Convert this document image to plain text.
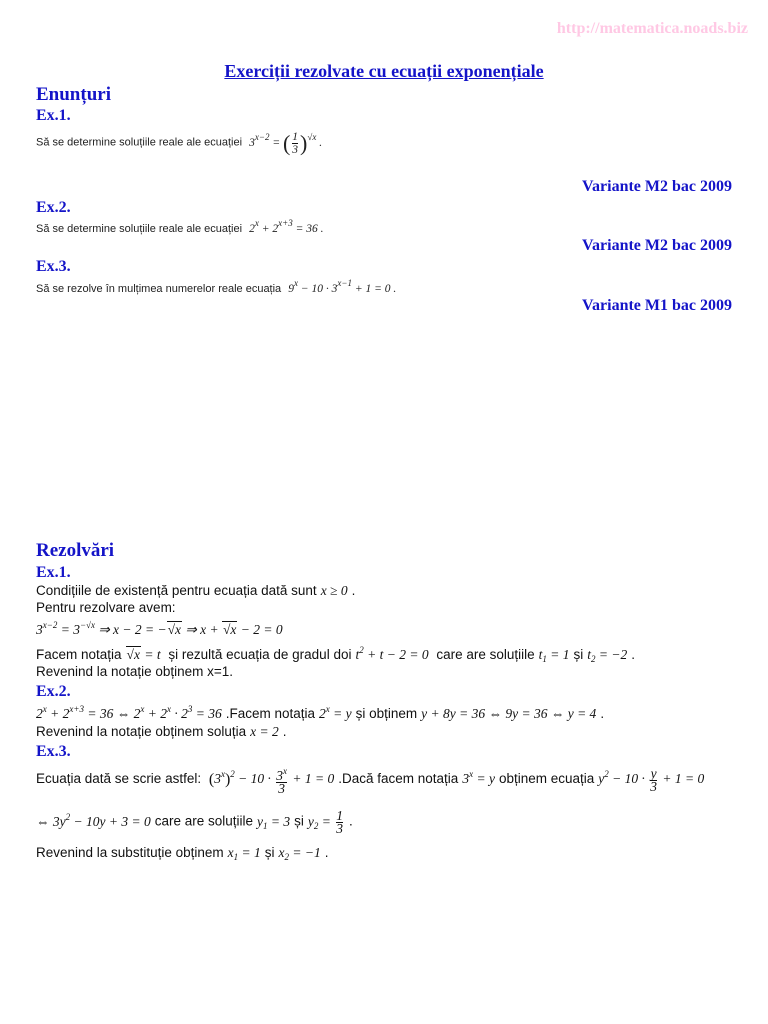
http://matematica.noads.biz
Exerciții rezolvate cu ecuații exponențiale
Enunțuri
Ex.1.
Să se determine soluțiile reale ale ecuației $3^{x-2}$ = ( $\frac{1}{3} )^{√x}$ .
Variante M2 bac 2009
Ex.2.
Să se determine soluțiile reale ale ecuației $2^x + 2^{x+3} = 36$ .
Variante M2 bac 2009
Ex.3.
Să se rezolve în mulțimea numerelor reale ecuația $9^x - 10 \cdot 3^{x-1} + 1 = 0$ .
Variante M1 bac 2009
Rezolvări
Ex.1.
Condițiile de existență pentru ecuația dată sunt x ≥ 0 .
Pentru rezolvare avem:
$3^{x-2} = 3^{-√x}$ ⇒ x − 2 = −√x ⇒ x + √x − 2 = 0
Facem notația √x = t și rezultă ecuația de gradul doi $t^2 + t - 2 = 0$ care are soluțiile $t_1 = 1$ și $t_2 = -2$ .
Revenind la notație obținem x=1.
Ex.2.
$2^x + 2^{x+3} = 36$ ⇔ $2^x + 2^x \cdot 2^3 = 36$ .Facem notația $2^x = y$ și obținem y + 8y = 36 ⇔ 9y = 36 ⇔ y = 4 .
Revenind la notație obținem soluția x = 2 .
Ex.3.
Ecuația dată se scrie astfel: $(3^x)^2 - 10 \cdot \frac{3^x}{3} + 1 = 0$ .Dacă facem notația $3^x = y$ obținem ecuația $y^2 - 10 \cdot \frac{y}{3} + 1 = 0$
⇔ $3y^2 - 10y + 3 = 0$ care are soluțiile $y_1 = 3$ și $y_2 = \frac{1}{3}$ .
Revenind la substituție obținem $x_1 = 1$ și $x_2 = -1$ .
